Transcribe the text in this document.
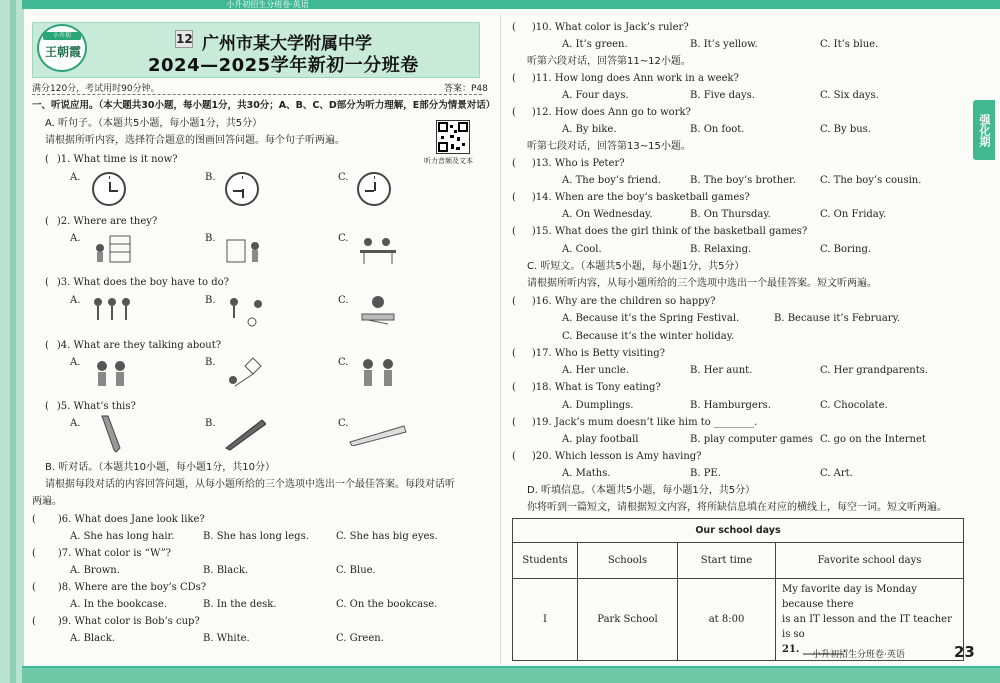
小升初招生分班卷·英语
强化期
小升初
王朝霞
12 广州市某大学附属中学
2024—2025学年新初一分班卷
满分120分，考试用时90分钟。	答案：P48
一、听说应用。（本大题共30小题，每小题1分，共30分；A、B、C、D部分为听力理解，E部分为情景对话）
A. 听句子。（本题共5小题，每小题1分，共5分）
请根据所听内容，选择符合题意的图画回答问题。每个句子听两遍。
听力音频及文本
( )1. What time is it now?
A.	B.	C.
( )2. Where are they?
A.	B.	C.
( )3. What does the boy have to do?
A.	B.	C.
( )4. What are they talking about?
A.	B.	C.
( )5. What’s this?
A.	B.	C.
B. 听对话。（本题共10小题，每小题1分，共10分）
请根据每段对话的内容回答问题，从每小题所给的三个选项中选出一个最佳答案。每段对话听
两遍。
( )6. What does Jane look like?
A. She has long hair.	B. She has long legs.	C. She has big eyes.
( )7. What color is “W”?
A. Brown.	B. Black.	C. Blue.
( )8. Where are the boy’s CDs?
A. In the bookcase.	B. In the desk.	C. On the bookcase.
( )9. What color is Bob’s cup?
A. Black.	B. White.	C. Green.
( )10. What color is Jack’s ruler?
A. It’s green.	B. It’s yellow.	C. It’s blue.
听第六段对话，回答第11~12小题。
( )11. How long does Ann work in a week?
A. Four days.	B. Five days.	C. Six days.
( )12. How does Ann go to work?
A. By bike.	B. On foot.	C. By bus.
听第七段对话，回答第13~15小题。
( )13. Who is Peter?
A. The boy’s friend.	B. The boy’s brother. C. The boy’s cousin.
( )14. When are the boy’s basketball games?
A. On Wednesday.	B. On Thursday.	C. On Friday.
( )15. What does the girl think of the basketball games?
A. Cool.	B. Relaxing.	C. Boring.
C. 听短文。（本题共5小题，每小题1分，共5分）
请根据所听内容，从每小题所给的三个选项中选出一个最佳答案。短文听两遍。
( )16. Why are the children so happy?
A. Because it’s the Spring Festival.	B. Because it’s February.
C. Because it’s the winter holiday.
( )17. Who is Betty visiting?
A. Her uncle.	B. Her aunt.	C. Her grandparents.
( )18. What is Tony eating?
A. Dumplings.	B. Hamburgers.	C. Chocolate.
( )19. Jack’s mum doesn’t like him to ________.
A. play football	B. play computer games C. go on the Internet
( )20. Which lesson is Amy having?
A. Maths.	B. PE.	C. Art.
D. 听填信息。（本题共5小题，每小题1分，共5分）
你将听到一篇短文，请根据短文内容，将所缺信息填在对应的横线上，每空一词。短文听两遍。
Our school days			
Students	Schools	Start time	Favorite school days
I	Park School	at 8:00	My favorite day is Monday because there
is an IT lesson and the IT teacher is so
21. ________.
小升初招生分班卷·英语	23
